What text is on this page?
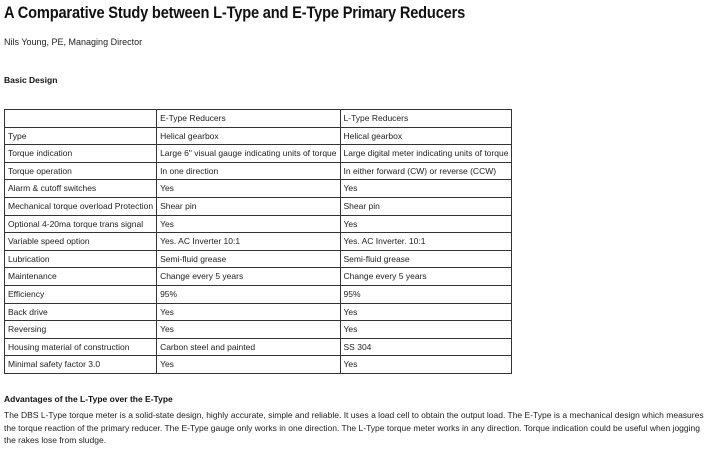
A Comparative Study between L-Type and E-Type Primary Reducers
Nils Young, PE, Managing Director
Basic Design
	E-Type Reducers	L-Type Reducers
Type	Helical gearbox	Helical gearbox
Torque indication	Large 6" visual gauge indicating units of torque	Large digital meter indicating units of torque
Torque operation	In one direction	In either forward (CW) or reverse (CCW)
Alarm & cutoff switches	Yes	Yes
Mechanical torque overload Protection	Shear pin	Shear pin
Optional 4-20ma torque trans signal	Yes	Yes
Variable speed option	Yes. AC Inverter 10:1	Yes. AC Inverter. 10:1
Lubrication	Semi-fluid grease	Semi-fluid grease
Maintenance	Change every 5 years	Change every 5 years
Efficiency	95%	95%
Back drive	Yes	Yes
Reversing	Yes	Yes
Housing material of construction	Carbon steel and painted	SS 304
Minimal safety factor 3.0	Yes	Yes
Advantages of the L-Type over the E-Type
The DBS L-Type torque meter is a solid-state design, highly accurate, simple and reliable. It uses a load cell to obtain the output load. The E-Type is a mechanical design which measures the torque reaction of the primary reducer. The E-Type gauge only works in one direction. The L-Type torque meter works in any direction. Torque indication could be useful when jogging the rakes lose from sludge.
